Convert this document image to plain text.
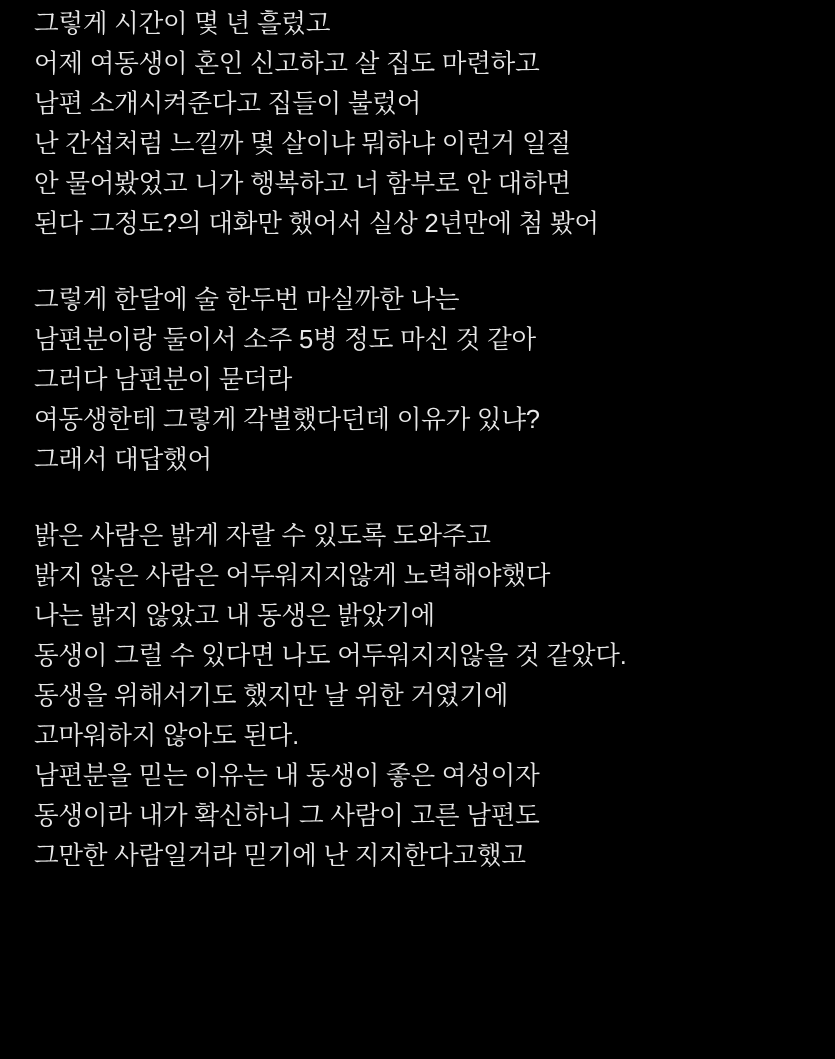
그렇게 시간이 몇 년 흘렀고
어제 여동생이 혼인 신고하고 살 집도 마련하고
남편 소개시켜준다고 집들이 불렀어
난 간섭처럼 느낄까 몇 살이냐 뭐하냐 이런거 일절
안 물어봤었고 니가 행복하고 너 함부로 안 대하면
된다 그정도?의 대화만 했어서 실상 2년만에 첨 봤어
그렇게 한달에 술 한두번 마실까한 나는
남편분이랑 둘이서 소주 5병 정도 마신 것 같아
그러다 남편분이 묻더라
여동생한테 그렇게 각별했다던데 이유가 있냐?
그래서 대답했어
밝은 사람은 밝게 자랄 수 있도록 도와주고
밝지 않은 사람은 어두워지지않게 노력해야했다
나는 밝지 않았고 내 동생은 밝았기에
동생이 그럴 수 있다면 나도 어두워지지않을 것 같았다.
동생을 위해서기도 했지만 날 위한 거였기에
고마워하지 않아도 된다.
남편분을 믿는 이유는 내 동생이 좋은 여성이자
동생이라 내가 확신하니 그 사람이 고른 남편도
그만한 사람일거라 믿기에 난 지지한다고했고
